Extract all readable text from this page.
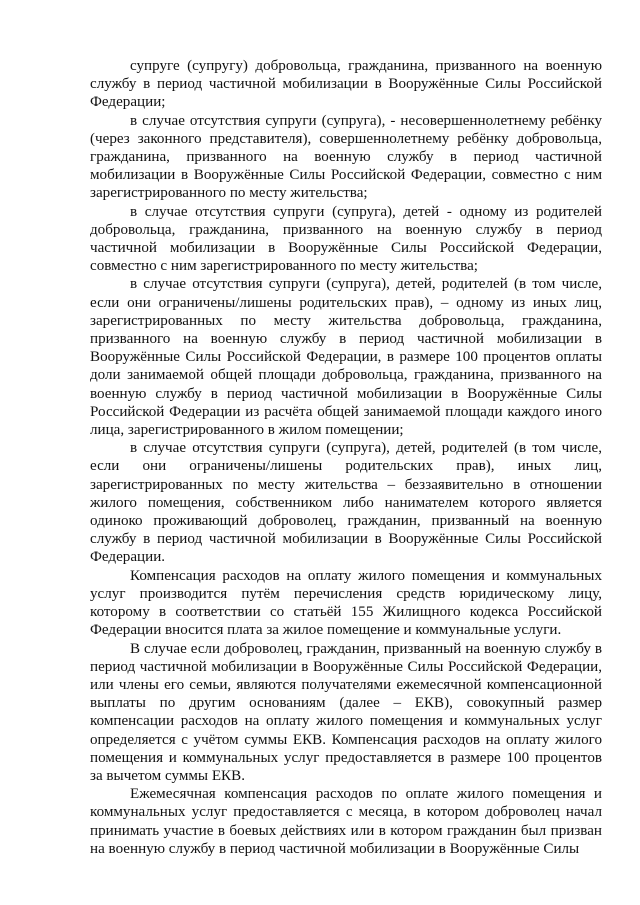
супруге (супругу) добровольца, гражданина, призванного на военную службу в период частичной мобилизации в Вооружённые Силы Российской Федерации;

в случае отсутствия супруги (супруга), - несовершеннолетнему ребёнку (через законного представителя), совершеннолетнему ребёнку добровольца, гражданина, призванного на военную службу в период частичной мобилизации в Вооружённые Силы Российской Федерации, совместно с ним зарегистрированного по месту жительства;

в случае отсутствия супруги (супруга), детей - одному из родителей добровольца, гражданина, призванного на военную службу в период частичной мобилизации в Вооружённые Силы Российской Федерации, совместно с ним зарегистрированного по месту жительства;

в случае отсутствия супруги (супруга), детей, родителей (в том числе, если они ограничены/лишены родительских прав), – одному из иных лиц, зарегистрированных по месту жительства добровольца, гражданина, призванного на военную службу в период частичной мобилизации в Вооружённые Силы Российской Федерации, в размере 100 процентов оплаты доли занимаемой общей площади добровольца, гражданина, призванного на военную службу в период частичной мобилизации в Вооружённые Силы Российской Федерации из расчёта общей занимаемой площади каждого иного лица, зарегистрированного в жилом помещении;

в случае отсутствия супруги (супруга), детей, родителей (в том числе, если они ограничены/лишены родительских прав), иных лиц, зарегистрированных по месту жительства – беззаявительно в отношении жилого помещения, собственником либо нанимателем которого является одиноко проживающий доброволец, гражданин, призванный на военную службу в период частичной мобилизации в Вооружённые Силы Российской Федерации.

Компенсация расходов на оплату жилого помещения и коммунальных услуг производится путём перечисления средств юридическому лицу, которому в соответствии со статьёй 155 Жилищного кодекса Российской Федерации вносится плата за жилое помещение и коммунальные услуги.

В случае если доброволец, гражданин, призванный на военную службу в период частичной мобилизации в Вооружённые Силы Российской Федерации, или члены его семьи, являются получателями ежемесячной компенсационной выплаты по другим основаниям (далее – ЕКВ), совокупный размер компенсации расходов на оплату жилого помещения и коммунальных услуг определяется с учётом суммы ЕКВ. Компенсация расходов на оплату жилого помещения и коммунальных услуг предоставляется в размере 100 процентов за вычетом суммы ЕКВ.

Ежемесячная компенсация расходов по оплате жилого помещения и коммунальных услуг предоставляется с месяца, в котором доброволец начал принимать участие в боевых действиях или в котором гражданин был призван на военную службу в период частичной мобилизации в Вооружённые Силы
